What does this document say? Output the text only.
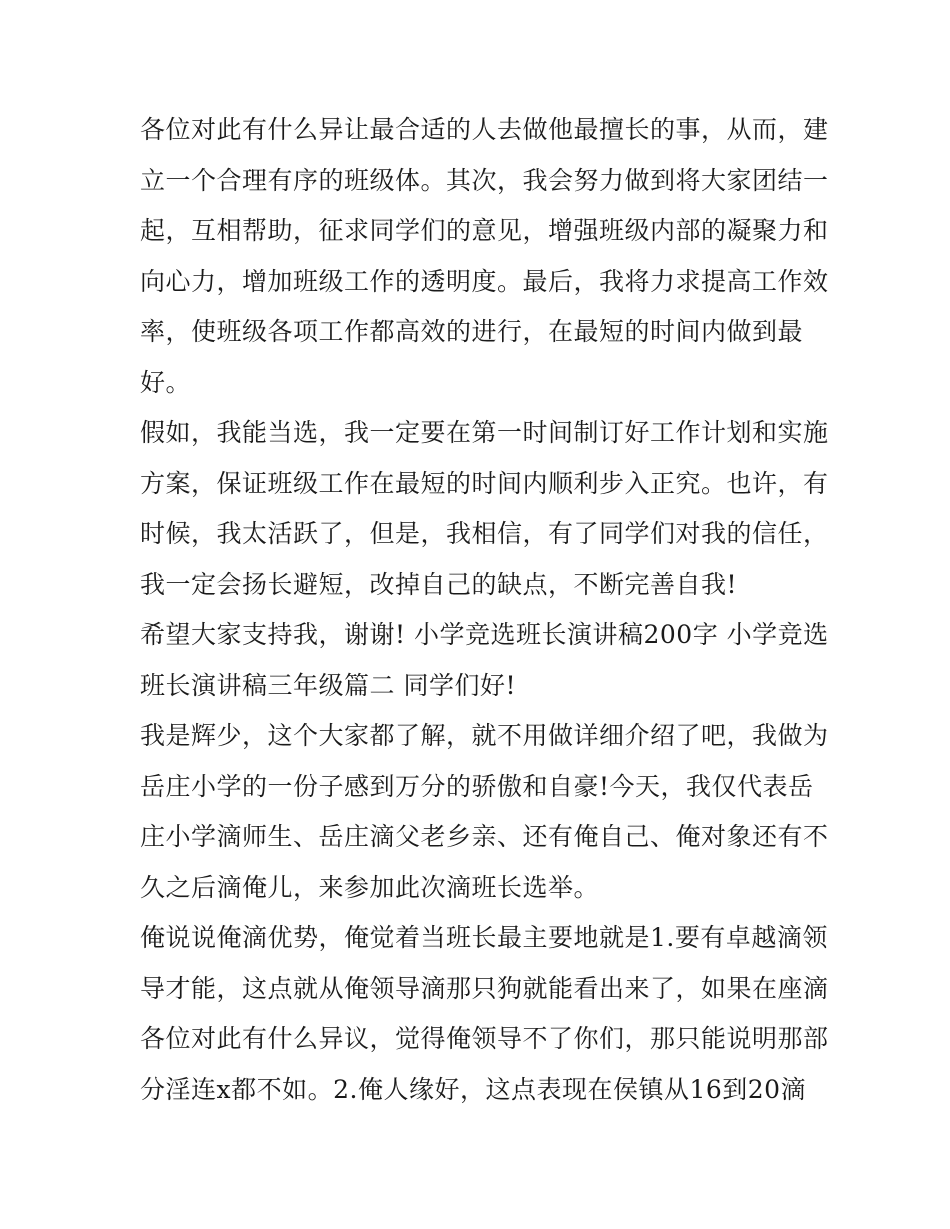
各位对此有什么异让最合适的人去做他最擅长的事，从而，建
立一个合理有序的班级体。其次，我会努力做到将大家团结一
起，互相帮助，征求同学们的意见，增强班级内部的凝聚力和
向心力，增加班级工作的透明度。最后，我将力求提高工作效
率，使班级各项工作都高效的进行，在最短的时间内做到最
好。
假如，我能当选，我一定要在第一时间制订好工作计划和实施
方案，保证班级工作在最短的时间内顺利步入正究。也许，有
时候，我太活跃了，但是，我相信，有了同学们对我的信任，
我一定会扬长避短，改掉自己的缺点，不断完善自我!
希望大家支持我，谢谢! 小学竞选班长演讲稿200字 小学竞选
班长演讲稿三年级篇二 同学们好!
我是辉少，这个大家都了解，就不用做详细介绍了吧，我做为
岳庄小学的一份子感到万分的骄傲和自豪!今天，我仅代表岳
庄小学滴师生、岳庄滴父老乡亲、还有俺自己、俺对象还有不
久之后滴俺儿，来参加此次滴班长选举。
俺说说俺滴优势，俺觉着当班长最主要地就是1.要有卓越滴领
导才能，这点就从俺领导滴那只狗就能看出来了，如果在座滴
各位对此有什么异议，觉得俺领导不了你们，那只能说明那部
分淫连x都不如。2.俺人缘好，这点表现在侯镇从16到20滴
